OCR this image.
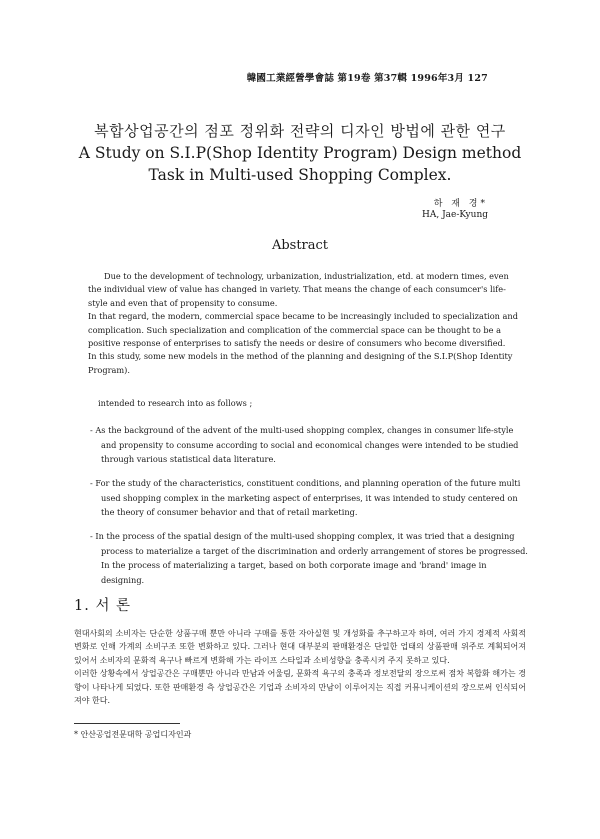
韓國工業經營學會誌 第19卷 第37輯 1996年3月 127
복합상업공간의 점포 정위화 전략의 디자인 방법에 관한 연구
A Study on S.I.P(Shop Identity Program) Design method
Task in Multi-used Shopping Complex.
하 재 경*
HA, Jae-Kyung
Abstract

Due to the development of technology, urbanization, industrialization, etd. at modern times, even the individual view of value has changed in variety. That means the change of each consumcer's life-style and even that of propensity to consume.

In that regard, the modern, commercial space became to be increasingly included to specialization and complication. Such specialization and complication of the commercial space can be thought to be a positive response of enterprises to satisfy the needs or desire of consumers who become diversified.

In this study, some new models in the method of the planning and designing of the S.I.P(Shop Identity Program).

intended to research into as follows ;
- As the background of the advent of the multi-used shopping complex, changes in consumer life-style and propensity to consume according to social and economical changes were intended to be studied through various statistical data literature.
- For the study of the characteristics, constituent conditions, and planning operation of the future multi used shopping complex in the marketing aspect of enterprises, it was intended to study centered on the theory of consumer behavior and that of retail marketing.
- In the process of the spatial design of the multi-used shopping complex, it was tried that a designing process to materialize a target of the discrimination and orderly arrangement of stores be progressed. In the process of materializing a target, based on both corporate image and 'brand' image in designing.
1. 서 론

현대사회의 소비자는 단순한 상품구매 뿐만 아니라 구매를 통한 자아실현 및 개성화를 추구하고자 하며, 여러 가지 경제적 사회적 변화로 인해 가계의 소비구조 또한 변화하고 있다. 그러나 현대 대부분의 판매환경은 단일한 업태의 상품판매 위주로 계획되어져 있어서 소비자의 문화적 욕구나 빠르게 변화해 가는 라이프 스타일과 소비성향을 충족시켜 주지 못하고 있다.

이러한 상황속에서 상업공간은 구매뿐만 아니라 만남과 어울림, 문화적 욕구의 충족과 정보전달의 장으로써 점차 복합화 해가는 경향이 나타나게 되었다. 또한 판매환경 측 상업공간은 기업과 소비자의 만남이 이루어지는 직접 커뮤니케이션의 장으로써 인식되어져야 한다.

* 안산공업전문대학 공업디자인과
